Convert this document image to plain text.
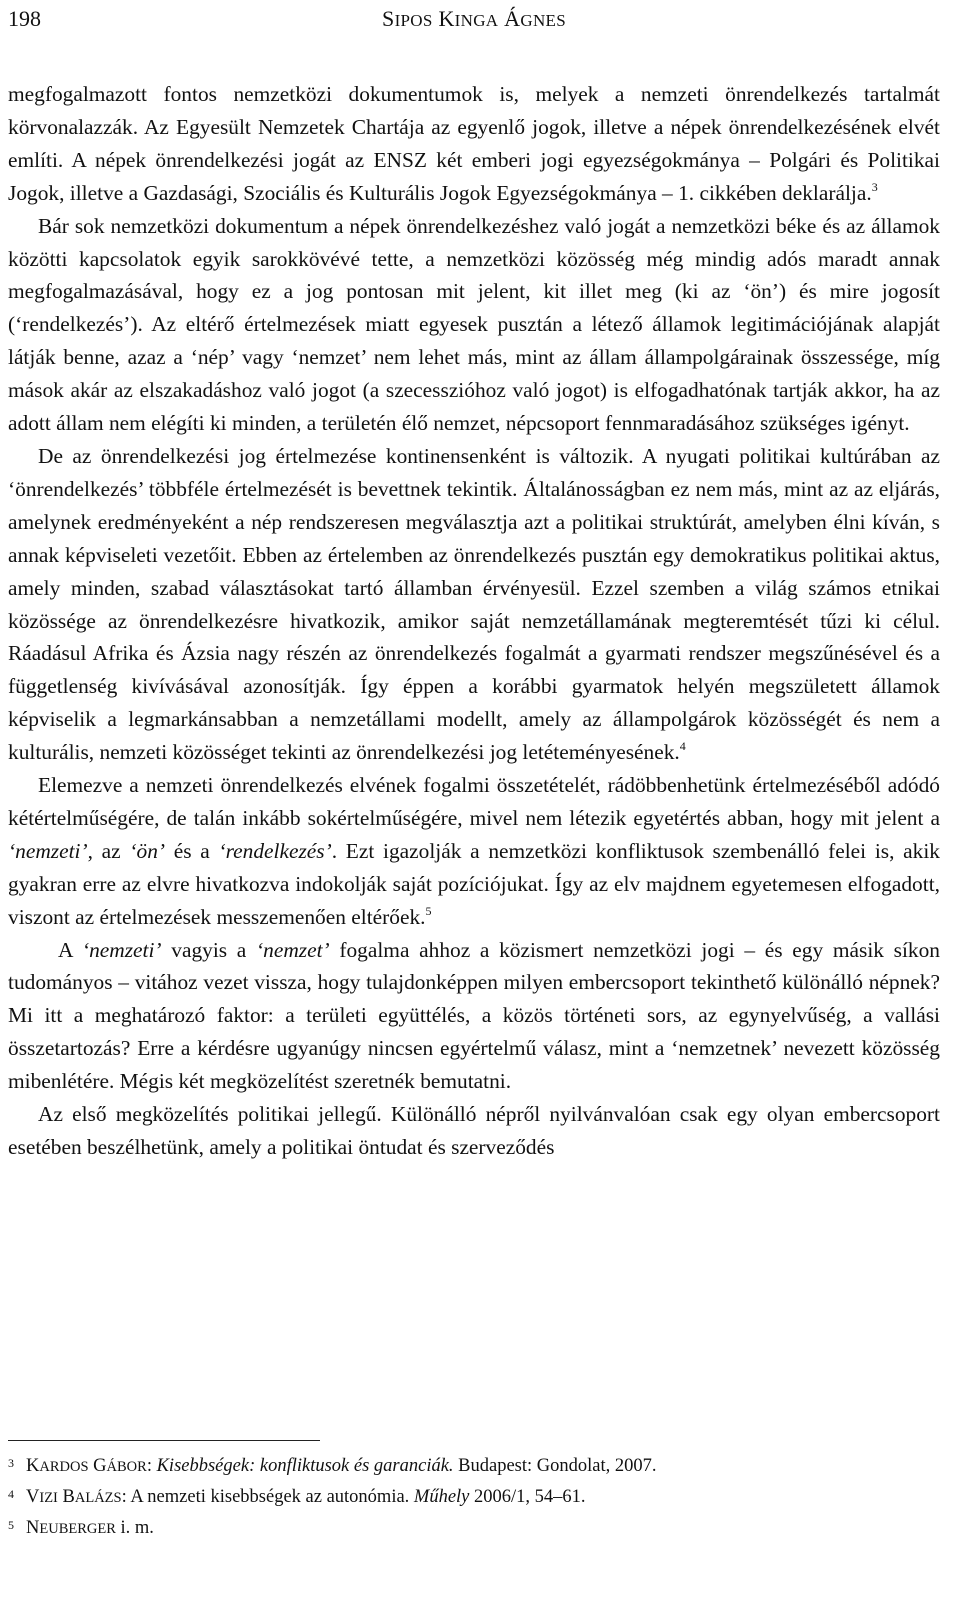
198	SIPOS KINGA ÁGNES

megfogalmazott fontos nemzetközi dokumentumok is, melyek a nemzeti önrendelkezés tartalmát körvonalazzák. Az Egyesült Nemzetek Chartája az egyenlő jogok, illetve a népek önrendelkezésének elvét említi. A népek önrendelkezési jogát az ENSZ két emberi jogi egyezségokmánya – Polgári és Politikai Jogok, illetve a Gazdasági, Szociális és Kulturális Jogok Egyezségokmánya – 1. cikkében deklarálja.$^3$

Bár sok nemzetközi dokumentum a népek önrendelkezéshez való jogát a nemzetközi béke és az államok közötti kapcsolatok egyik sarokkövévé tette, a nemzetközi közösség még mindig adós maradt annak megfogalmazásával, hogy ez a jog pontosan mit jelent, kit illet meg (ki az ‘ön’) és mire jogosít (‘rendelkezés’). Az eltérő értelmezések miatt egyesek pusztán a létező államok legitimációjának alapját látják benne, azaz a ‘nép’ vagy ‘nemzet’ nem lehet más, mint az állam állampolgárainak összessége, míg mások akár az elszakadáshoz való jogot (a szecesszióhoz való jogot) is elfogadhatónak tartják akkor, ha az adott állam nem elégíti ki minden, a területén élő nemzet, népcsoport fennmaradásához szükséges igényt.

De az önrendelkezési jog értelmezése kontinensenként is változik. A nyugati politikai kultúrában az ‘önrendelkezés’ többféle értelmezését is bevettnek tekintik. Általánosságban ez nem más, mint az az eljárás, amelynek eredményeként a nép rendszeresen megválasztja azt a politikai struktúrát, amelyben élni kíván, s annak képviseleti vezetőit. Ebben az értelemben az önrendelkezés pusztán egy demokratikus politikai aktus, amely minden, szabad választásokat tartó államban érvényesül. Ezzel szemben a világ számos etnikai közössége az önrendelkezésre hivatkozik, amikor saját nemzetállamának megteremtését tűzi ki célul. Ráadásul Afrika és Ázsia nagy részén az önrendelkezés fogalmát a gyarmati rendszer megszűnésével és a függetlenség kivívásával azonosítják. Így éppen a korábbi gyarmatok helyén megszületett államok képviselik a legmarkánsabban a nemzetállami modellt, amely az állampolgárok közösségét és nem a kulturális, nemzeti közösséget tekinti az önrendelkezési jog letéteményesének.$^4$

Elemezve a nemzeti önrendelkezés elvének fogalmi összetételét, rádöbbenhetünk értelmezéséből adódó kétértelműségére, de talán inkább sokértelműségére, mivel nem létezik egyetértés abban, hogy mit jelent a ‘nemzeti’, az ‘ön’ és a ‘rendelkezés’. Ezt igazolják a nemzetközi konfliktusok szembenálló felei is, akik gyakran erre az elvre hivatkozva indokolják saját pozíciójukat. Így az elv majdnem egyetemesen elfogadott, viszont az értelmezések messzemenően eltérőek.$^5$

A ‘nemzeti’ vagyis a ‘nemzet’ fogalma ahhoz a közismert nemzetközi jogi – és egy másik síkon tudományos – vitához vezet vissza, hogy tulajdonképpen milyen embercsoport tekinthető különálló népnek? Mi itt a meghatározó faktor: a területi együttélés, a közös történeti sors, az egynyelvűség, a vallási összetartozás? Erre a kérdésre ugyanúgy nincsen egyértelmű válasz, mint a ‘nemzetnek’ nevezett közösség mibenlétére. Mégis két megközelítést szeretnék bemutatni.

Az első megközelítés politikai jellegű. Különálló népről nyilvánvalóan csak egy olyan embercsoport esetében beszélhetünk, amely a politikai öntudat és szerveződés

3 KARDOS GÁBOR: Kisebbségek: konfliktusok és garanciák. Budapest: Gondolat, 2007.
4 VIZI BALÁZS: A nemzeti kisebbségek az autonómia. Műhely 2006/1, 54–61.
5 NEUBERGER i. m.
